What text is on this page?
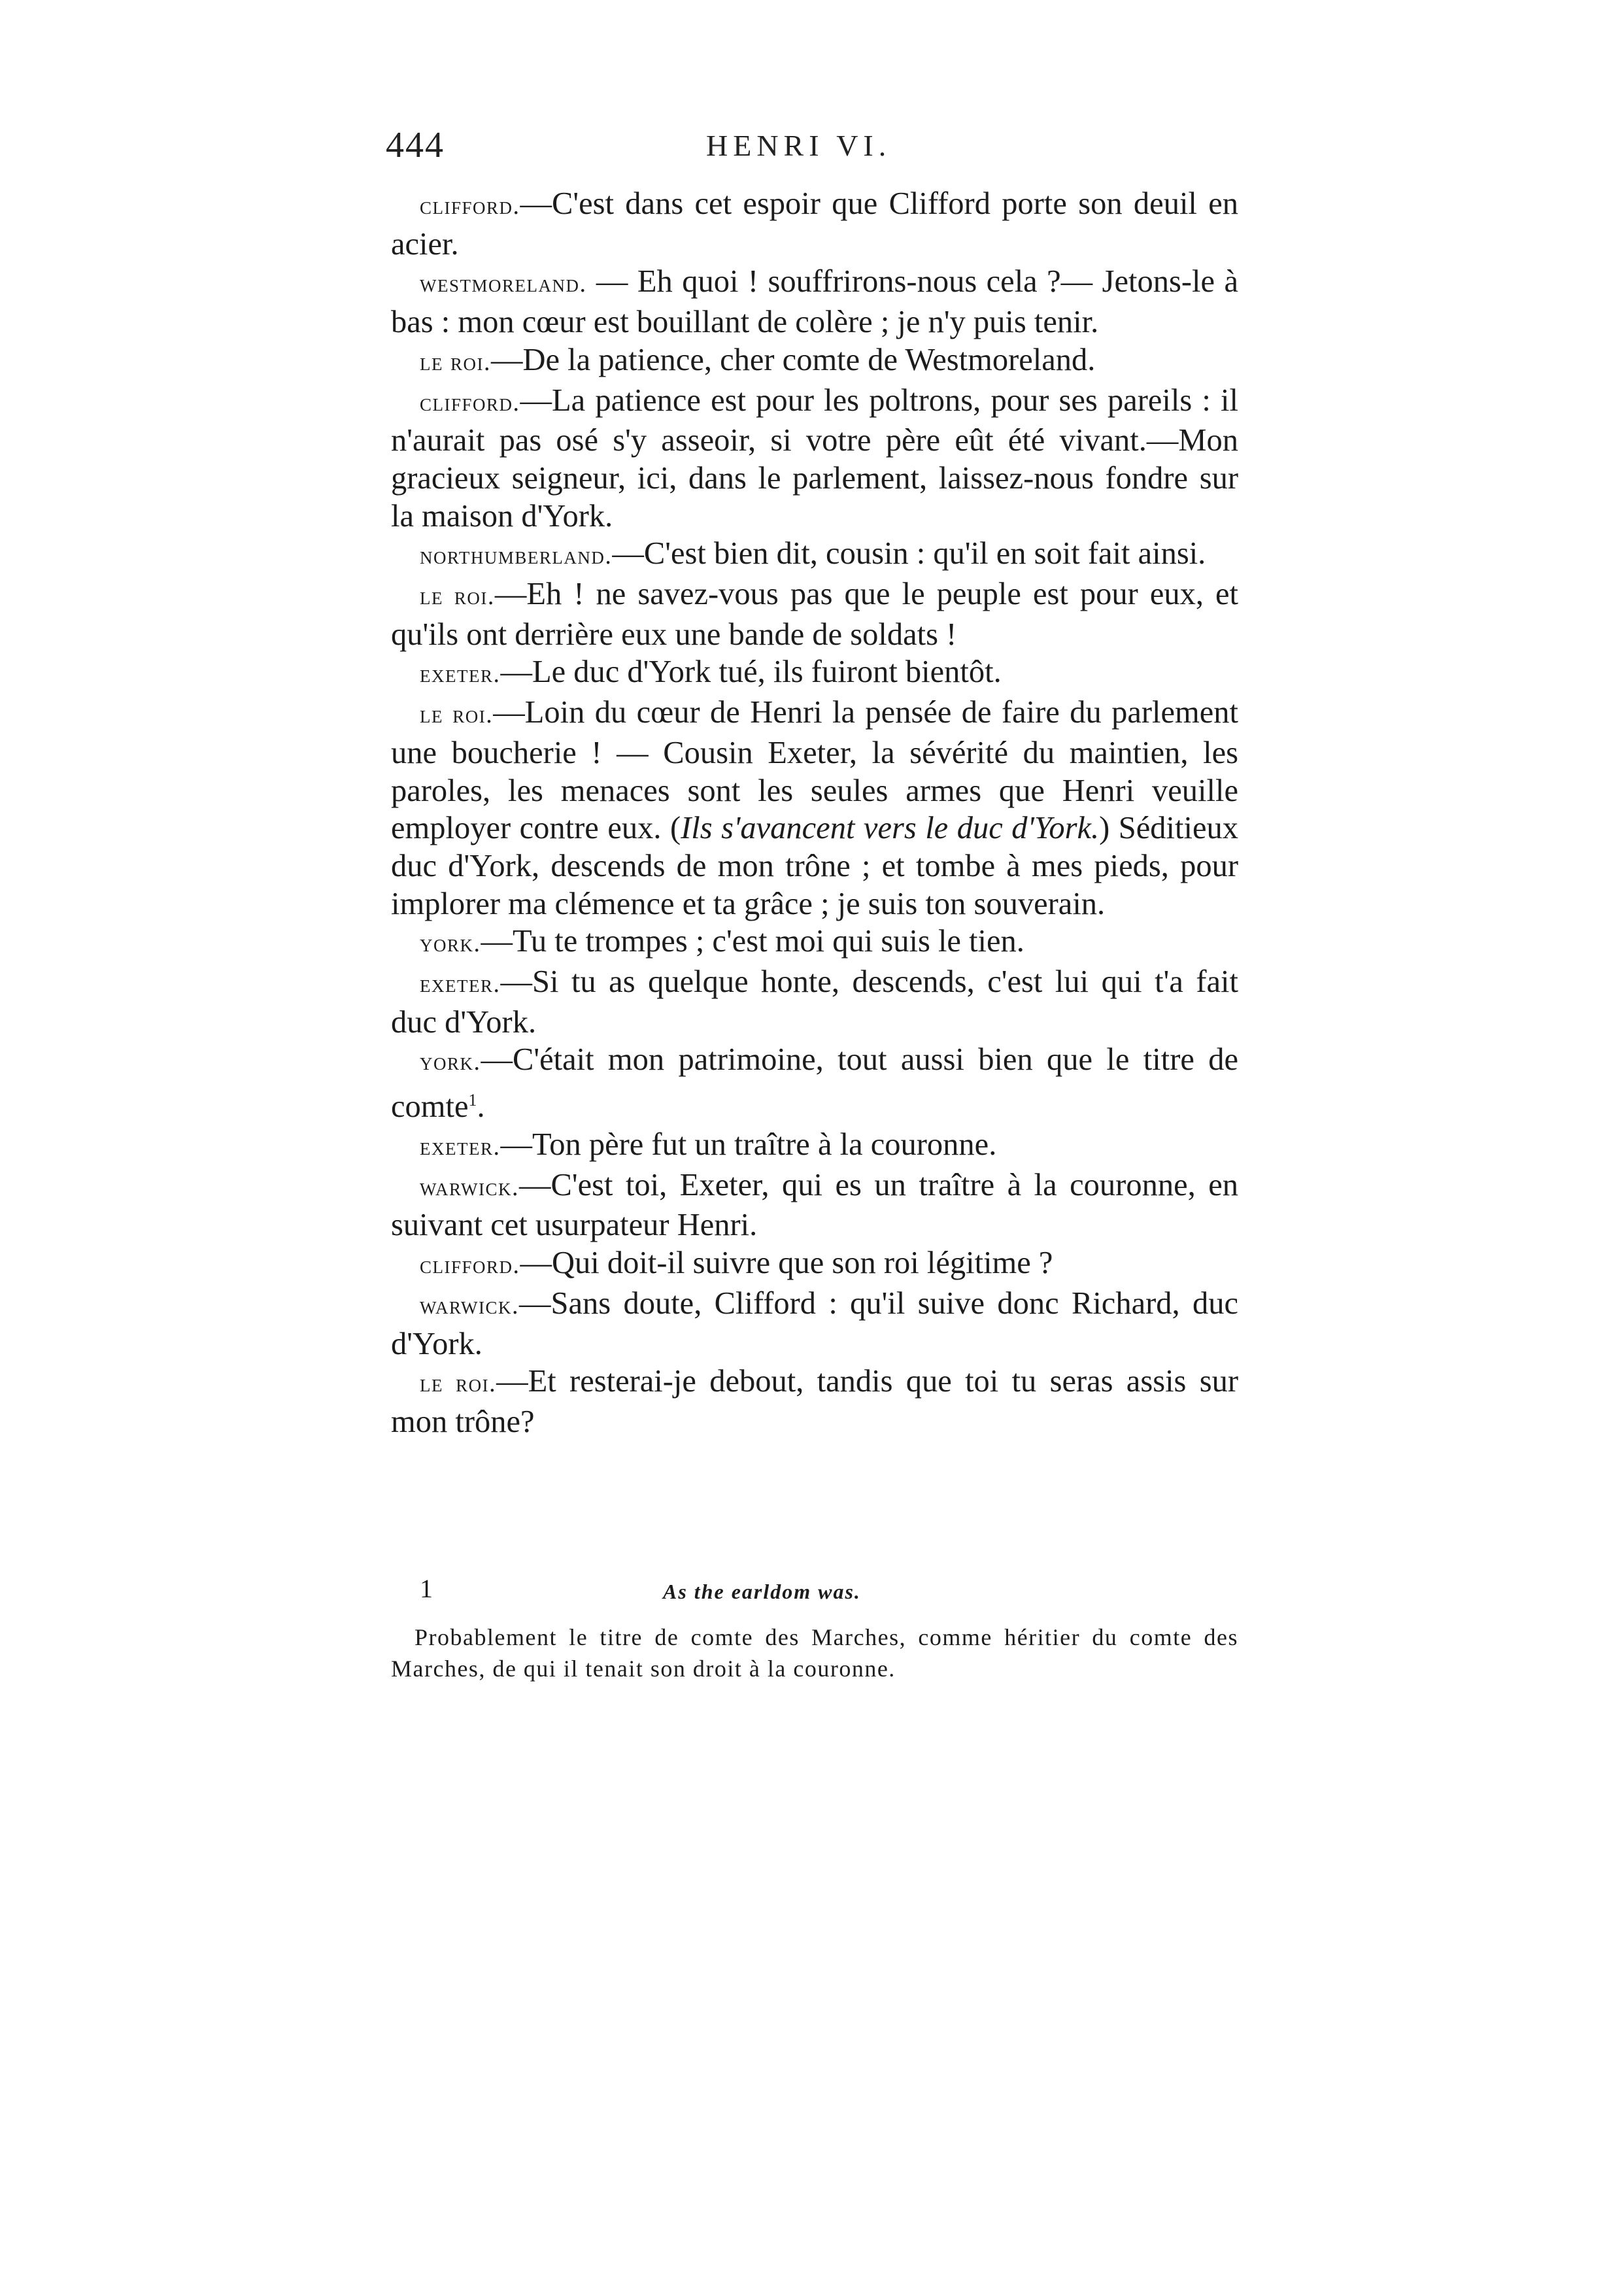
444	HENRI VI.

clifford.—C'est dans cet espoir que Clifford porte son deuil en acier.

westmoreland. — Eh quoi ! souffrirons-nous cela ?— Jetons-le à bas : mon cœur est bouillant de colère ; je n'y puis tenir.

le roi.—De la patience, cher comte de Westmoreland.

clifford.—La patience est pour les poltrons, pour ses pareils : il n'aurait pas osé s'y asseoir, si votre père eût été vivant.—Mon gracieux seigneur, ici, dans le parlement, laissez-nous fondre sur la maison d'York.

northumberland.—C'est bien dit, cousin : qu'il en soit fait ainsi.

le roi.—Eh ! ne savez-vous pas que le peuple est pour eux, et qu'ils ont derrière eux une bande de soldats !

exeter.—Le duc d'York tué, ils fuiront bientôt.

le roi.—Loin du cœur de Henri la pensée de faire du parlement une boucherie ! — Cousin Exeter, la sévérité du maintien, les paroles, les menaces sont les seules armes que Henri veuille employer contre eux. (Ils s'avancent vers le duc d'York.) Séditieux duc d'York, descends de mon trône ; et tombe à mes pieds, pour implorer ma clémence et ta grâce ; je suis ton souverain.

york.—Tu te trompes ; c'est moi qui suis le tien.

exeter.—Si tu as quelque honte, descends, c'est lui qui t'a fait duc d'York.

york.—C'était mon patrimoine, tout aussi bien que le titre de comte$^1$.

exeter.—Ton père fut un traître à la couronne.

warwick.—C'est toi, Exeter, qui es un traître à la couronne, en suivant cet usurpateur Henri.

clifford.—Qui doit-il suivre que son roi légitime ?

warwick.—Sans doute, Clifford : qu'il suive donc Richard, duc d'York.

le roi.—Et resterai-je debout, tandis que toi tu seras assis sur mon trône?

1	As the earldom was.

Probablement le titre de comte des Marches, comme héritier du comte des Marches, de qui il tenait son droit à la couronne.
